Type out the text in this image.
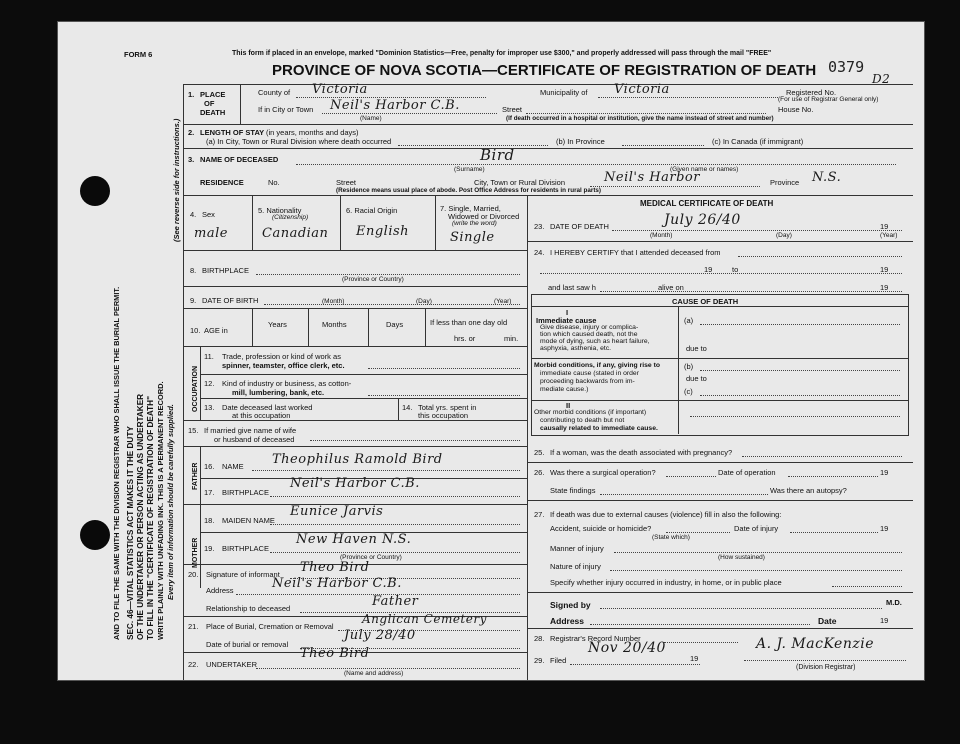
FORM 6	This form if placed in an envelope, marked "Dominion Statistics—Free, penalty for improper use $300," and properly addressed will pass through the mail "FREE"
PROVINCE OF NOVA SCOTIA—CERTIFICATE OF REGISTRATION OF DEATH 0379
D2
SEC. 46—VITAL STATISTICS ACT MAKES IT THE DUTY OF THE UNDERTAKER OR PERSON ACTING AS UNDERTAKER TO FILL IN THE "CERTIFICATE OF REGISTRATION OF DEATH"
AND TO FILE THE SAME WITH THE DIVISION REGISTRAR WHO SHALL ISSUE THE BURIAL PERMIT.	WRITE PLAINLY WITH UNFADING INK. THIS IS A PERMANENT RECORD. Every item of information should be carefully supplied.
(See reverse side for instructions.)
OCCUPATION
FATHER
MOTHER
1. PLACE
OF
DEATH
County of Victoria	Municipality of Victoria	Registered No.
(For use of Registrar General only)
If in City or Town Neil's Harbor C.B.	Street	House No.
(Name)	(If death occurred in a hospital or institution, give the name instead of street and number)
2. LENGTH OF STAY (in years, months and days)
(a) In City, Town or Rural Division where death occurred	(b) In Province	(c) In Canada (if immigrant)
3. NAME OF DECEASED	Bird
(Surname)	(Given name or names)
RESIDENCE	No.	Street	City, Town or Rural Division	Neil's Harbor	Province N.S.
(Residence means usual place of abode. Post Office Address for residents in rural parts)
4. Sex
male
5. Nationality
(Citizenship)
Canadian
6. Racial Origin
English
7. Single, Married,
Widowed or Divorced
(write the word)
Single
8. BIRTHPLACE
(Province or Country)
9. DATE OF BIRTH	(Month)	(Day)	(Year)
10. AGE in
Years	Months	Days	If less than one day old
hrs. or	min.
11. Trade, profession or kind of work as
spinner, teamster, office clerk, etc.
12. Kind of industry or business, as cotton-
mill, lumbering, bank, etc.
13. Date deceased last worked
at this occupation
14. Total yrs. spent in
this occupation
15. If married give name of wife
or husband of deceased
16. NAME Theophilus Ramold Bird
17. BIRTHPLACE
Neil's Harbor C.B.
18. MAIDEN NAME
Eunice Jarvis
19. BIRTHPLACE
New Haven N.S.
(Province or Country)
20. Signature of informant Theo Bird
Address	Neil's Harbor C.B.
Relationship to deceased	Father
21. Place of Burial, Cremation or Removal
Anglican Cemetery
Date of burial or removal
July 28/40
22. UNDERTAKER
Theo Bird
(Name and address)
MEDICAL CERTIFICATE OF DEATH
23. DATE OF DEATH	July 26/40	19
(Month)	(Day)	(Year)
24. I HEREBY CERTIFY that I attended deceased from
19	to	19
and last saw h	alive on	19
CAUSE OF DEATH
I
Immediate cause
Give disease, injury or complica-
tion which caused death, not the
mode of dying, such as heart failure,
asphyxia, asthenia, etc.
(a)
due to
Morbid conditions, if any, giving rise to
immediate cause (stated in order
proceeding backwards from im-
mediate cause.)
(b)
due to
(c)
II
Other morbid conditions (if important)
contributing to death but not
causally related to immediate cause.
25. If a woman, was the death associated with pregnancy?
26. Was there a surgical operation?	Date of operation	19
State findings	Was there an autopsy?
27. If death was due to external causes (violence) fill in also the following:
Accident, suicide or homicide?	Date of injury	19
(State which)
Manner of injury
(How sustained)
Nature of injury
Specify whether injury occurred in industry, in home, or in public place
Signed by	M.D.
Address	Date	19
28. Registrar's Record Number
29. Filed
Nov 20/40
19
A. J. MacKenzie
(Division Registrar)
